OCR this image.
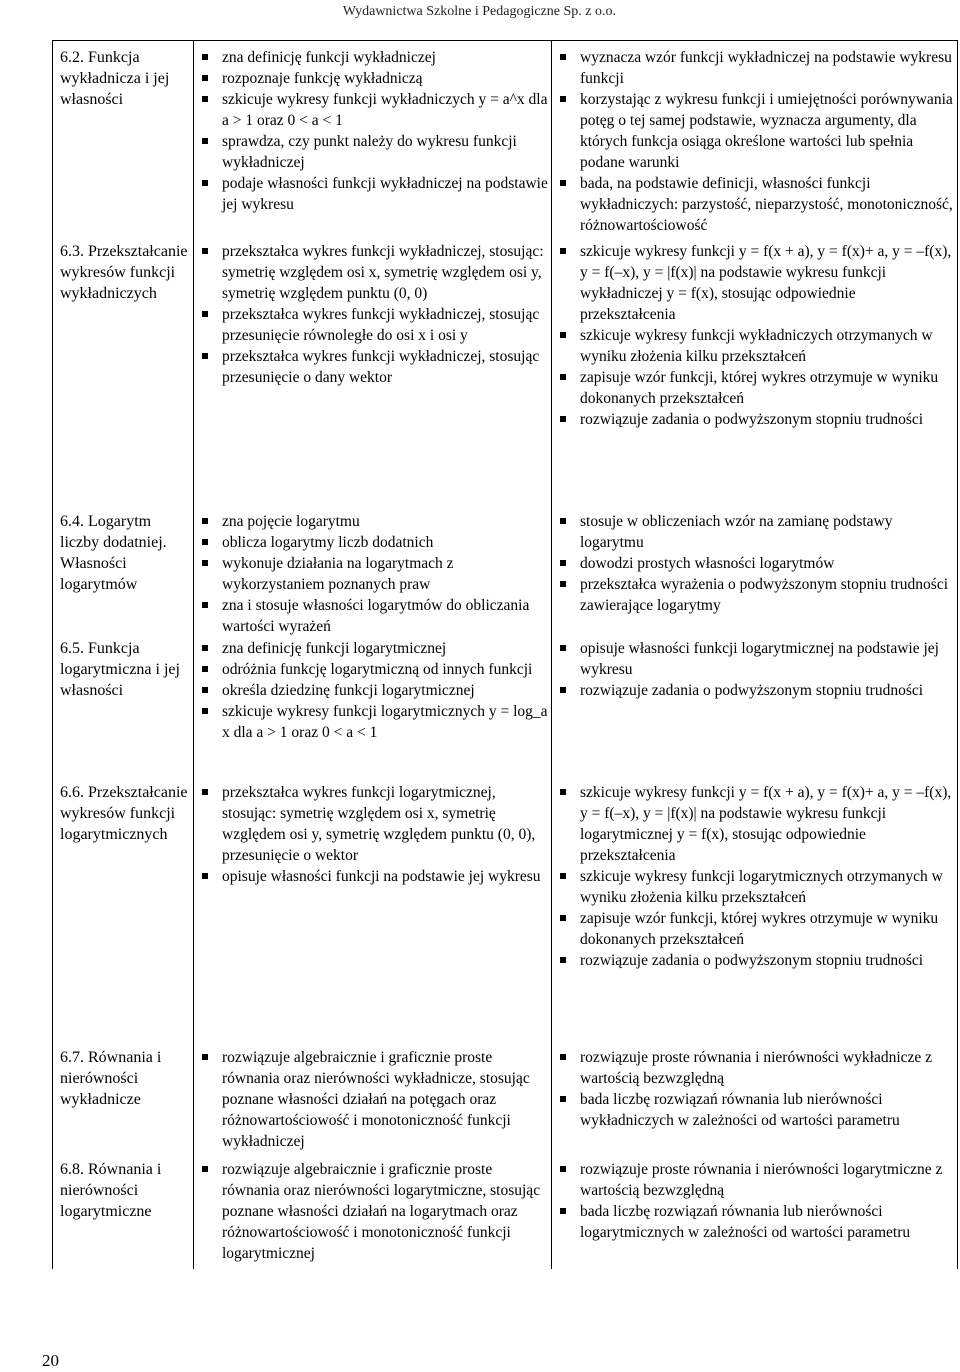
Wydawnictwa Szkolne i Pedagogiczne Sp. z o.o.
6.2. Funkcja wykładnicza i jej własności
zna definicję funkcji wykładniczej
rozpoznaje funkcję wykładniczą
szkicuje wykresy funkcji wykładniczych y = a^x dla a > 1 oraz 0 < a < 1
sprawdza, czy punkt należy do wykresu funkcji wykładniczej
podaje własności funkcji wykładniczej na podstawie jej wykresu
wyznacza wzór funkcji wykładniczej na podstawie wykresu funkcji
korzystając z wykresu funkcji i umiejętności porównywania potęg o tej samej podstawie, wyznacza argumenty, dla których funkcja osiąga określone wartości lub spełnia podane warunki
bada, na podstawie definicji, własności funkcji wykładniczych: parzystość, nieparzystość, monotoniczność, różnowartościowość
6.3. Przekształcanie wykresów funkcji wykładniczych
przekształca wykres funkcji wykładniczej, stosując: symetrię względem osi x, symetrię względem osi y, symetrię względem punktu (0, 0)
przekształca wykres funkcji wykładniczej, stosując przesunięcie równoległe do osi x i osi y
przekształca wykres funkcji wykładniczej, stosując przesunięcie o dany wektor
szkicuje wykresy funkcji y = f(x + a), y = f(x)+ a, y = –f(x), y = f(–x), y = |f(x)| na podstawie wykresu funkcji wykładniczej y = f(x), stosując odpowiednie przekształcenia
szkicuje wykresy funkcji wykładniczych otrzymanych w wyniku złożenia kilku przekształceń
zapisuje wzór funkcji, której wykres otrzymuje w wyniku dokonanych przekształceń
rozwiązuje zadania o podwyższonym stopniu trudności
6.4. Logarytm liczby dodatniej. Własności logarytmów
zna pojęcie logarytmu
oblicza logarytmy liczb dodatnich
wykonuje działania na logarytmach z wykorzystaniem poznanych praw
zna i stosuje własności logarytmów do obliczania wartości wyrażeń
stosuje w obliczeniach wzór na zamianę podstawy logarytmu
dowodzi prostych własności logarytmów
przekształca wyrażenia o podwyższonym stopniu trudności zawierające logarytmy
6.5. Funkcja logarytmiczna i jej własności
zna definicję funkcji logarytmicznej
odróżnia funkcję logarytmiczną od innych funkcji
określa dziedzinę funkcji logarytmicznej
szkicuje wykresy funkcji logarytmicznych y = log_a x dla a > 1 oraz 0 < a < 1
opisuje własności funkcji logarytmicznej na podstawie jej wykresu
rozwiązuje zadania o podwyższonym stopniu trudności
6.6. Przekształcanie wykresów funkcji logarytmicznych
przekształca wykres funkcji logarytmicznej, stosując: symetrię względem osi x, symetrię względem osi y, symetrię względem punktu (0, 0), przesunięcie o wektor
opisuje własności funkcji na podstawie jej wykresu
szkicuje wykresy funkcji y = f(x + a), y = f(x)+ a, y = –f(x), y = f(–x), y = |f(x)| na podstawie wykresu funkcji logarytmicznej y = f(x), stosując odpowiednie przekształcenia
szkicuje wykresy funkcji logarytmicznych otrzymanych w wyniku złożenia kilku przekształceń
zapisuje wzór funkcji, której wykres otrzymuje w wyniku dokonanych przekształceń
rozwiązuje zadania o podwyższonym stopniu trudności
6.7. Równania i nierówności wykładnicze
rozwiązuje algebraicznie i graficznie proste równania oraz nierówności wykładnicze, stosując poznane własności działań na potęgach oraz różnowartościowość i monotoniczność funkcji wykładniczej
rozwiązuje proste równania i nierówności wykładnicze z wartością bezwzględną
bada liczbę rozwiązań równania lub nierówności wykładniczych w zależności od wartości parametru
6.8. Równania i nierówności logarytmiczne
rozwiązuje algebraicznie i graficznie proste równania oraz nierówności logarytmiczne, stosując poznane własności działań na logarytmach oraz różnowartościowość i monotoniczność funkcji logarytmicznej
rozwiązuje proste równania i nierówności logarytmiczne z wartością bezwzględną
bada liczbę rozwiązań równania lub nierówności logarytmicznych w zależności od wartości parametru
20
